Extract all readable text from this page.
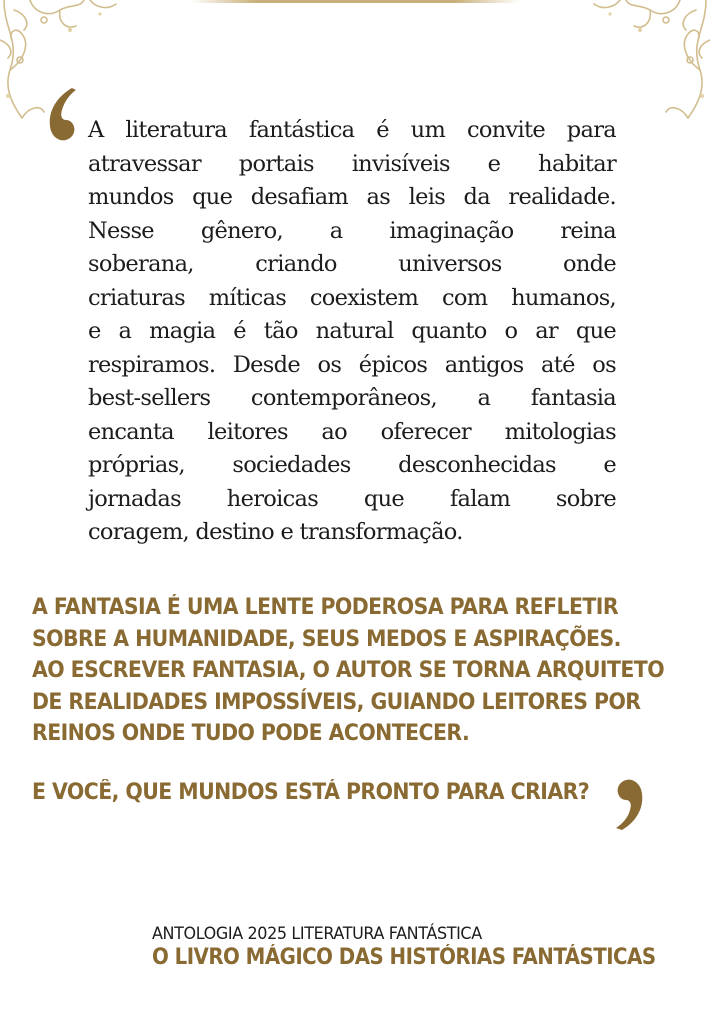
A literatura fantástica é um convite para
atravessar portais invisíveis e habitar
mundos que desafiam as leis da realidade.
Nesse gênero, a imaginação reina
soberana, criando universos onde
criaturas míticas coexistem com humanos,
e a magia é tão natural quanto o ar que
respiramos. Desde os épicos antigos até os
best-sellers contemporâneos, a fantasia
encanta leitores ao oferecer mitologias
próprias, sociedades desconhecidas e
jornadas heroicas que falam sobre
coragem, destino e transformação.
A FANTASIA É UMA LENTE PODEROSA PARA REFLETIR
SOBRE A HUMANIDADE, SEUS MEDOS E ASPIRAÇÕES.
AO ESCREVER FANTASIA, O AUTOR SE TORNA ARQUITETO
DE REALIDADES IMPOSSÍVEIS, GUIANDO LEITORES POR
REINOS ONDE TUDO PODE ACONTECER.

E VOCÊ, QUE MUNDOS ESTÁ PRONTO PARA CRIAR?

ANTOLOGIA 2025 LITERATURA FANTÁSTICA

O LIVRO MÁGICO DAS HISTÓRIAS FANTÁSTICAS
